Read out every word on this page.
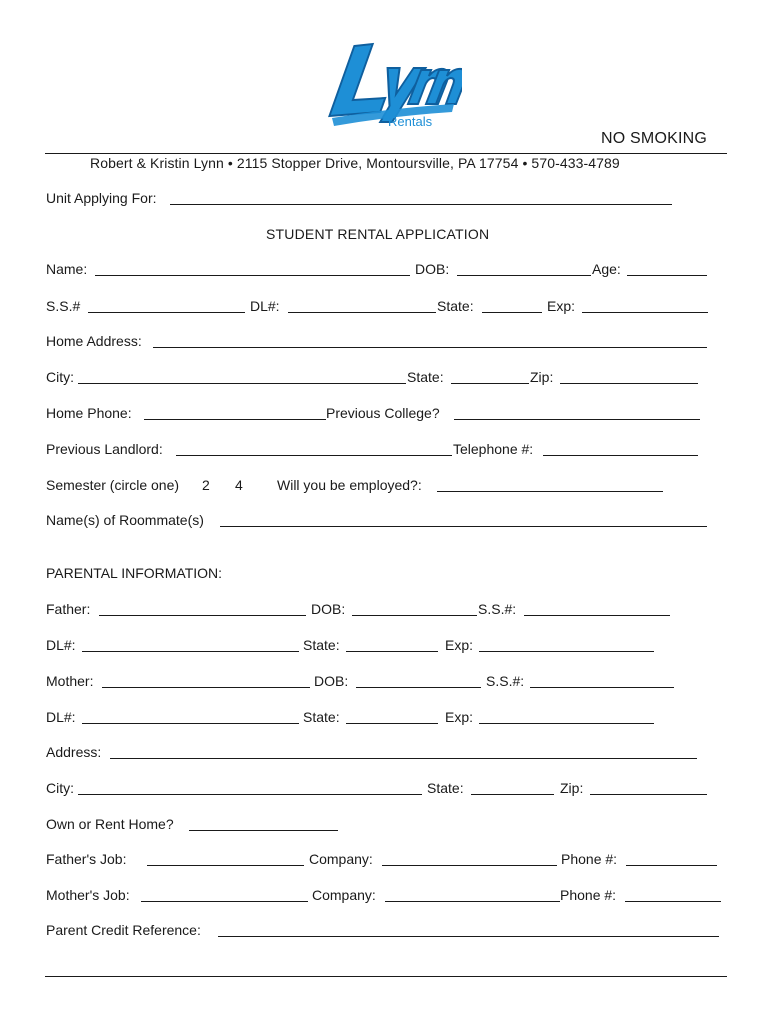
Rentals
NO SMOKING
Robert & Kristin Lynn • 2115 Stopper Drive, Montoursville, PA 17754 • 570-433-4789
Unit Applying For:
STUDENT RENTAL APPLICATION
Name:	DOB:	Age:
S.S.#	DL#:	State:	Exp:
Home Address:
City:	State:	Zip:
Home Phone:	Previous College?
Previous Landlord:	Telephone #:
Semester (circle one) 2 4 Will you be employed?:
Name(s) of Roommate(s)
PARENTAL INFORMATION:
Father:	DOB:	S.S.#:
DL#:	State:	Exp:
Mother:	DOB:	S.S.#:
DL#:	State:	Exp:
Address:
City:	State:	Zip:
Own or Rent Home?
Father's Job:	Company:	Phone #:
Mother's Job:	Company:	Phone #:
Parent Credit Reference:
